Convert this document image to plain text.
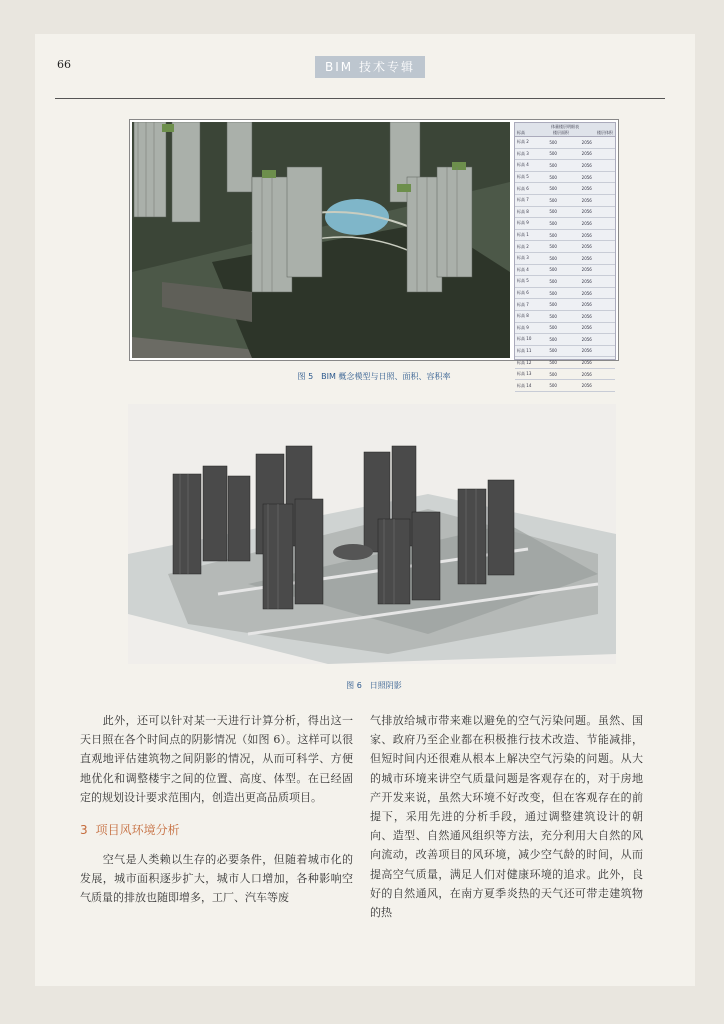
66	BIM 技术专辑
体量楼层明细表
标高	楼层面积	楼层体积
标高 2	500	2056
标高 3	500	2056
标高 4	500	2056
标高 5	500	2056
标高 6	500	2056
标高 7	500	2056
标高 8	500	2056
标高 9	500	2056
标高 1	500	2056
标高 2	500	2056
标高 3	500	2056
标高 4	500	2056
标高 5	500	2056
标高 6	500	2056
标高 7	500	2056
标高 8	500	2056
标高 9	500	2056
标高 10	500	2056
标高 11	500	2056
标高 12	500	2056
标高 13	500	2056
标高 14	500	2056
图 5　BIM 概念模型与日照、面积、容积率
图 6　日照阴影

　　此外，还可以针对某一天进行计算分析，得出这一天日照在各个时间点的阴影情况（如图 6）。这样可以很直观地评估建筑物之间阴影的情况，从而可科学、方便地优化和调整楼宇之间的位置、高度、体型。在已经固定的规划设计要求范围内，创造出更高品质项目。

3 项目风环境分析

　　空气是人类赖以生存的必要条件，但随着城市化的发展，城市面积逐步扩大，城市人口增加，各种影响空气质量的排放也随即增多，工厂、汽车等废

气排放给城市带来难以避免的空气污染问题。虽然、国家、政府乃至企业都在积极推行技术改造、节能减排，但短时间内还很难从根本上解决空气污染的问题。从大的城市环境来讲空气质量问题是客观存在的，对于房地产开发来说，虽然大环境不好改变，但在客观存在的前提下，采用先进的分析手段，通过调整建筑设计的朝向、造型、自然通风组织等方法，充分利用大自然的风向流动，改善项目的风环境，减少空气龄的时间，从而提高空气质量，满足人们对健康环境的追求。此外，良好的自然通风，在南方夏季炎热的天气还可带走建筑物的热
